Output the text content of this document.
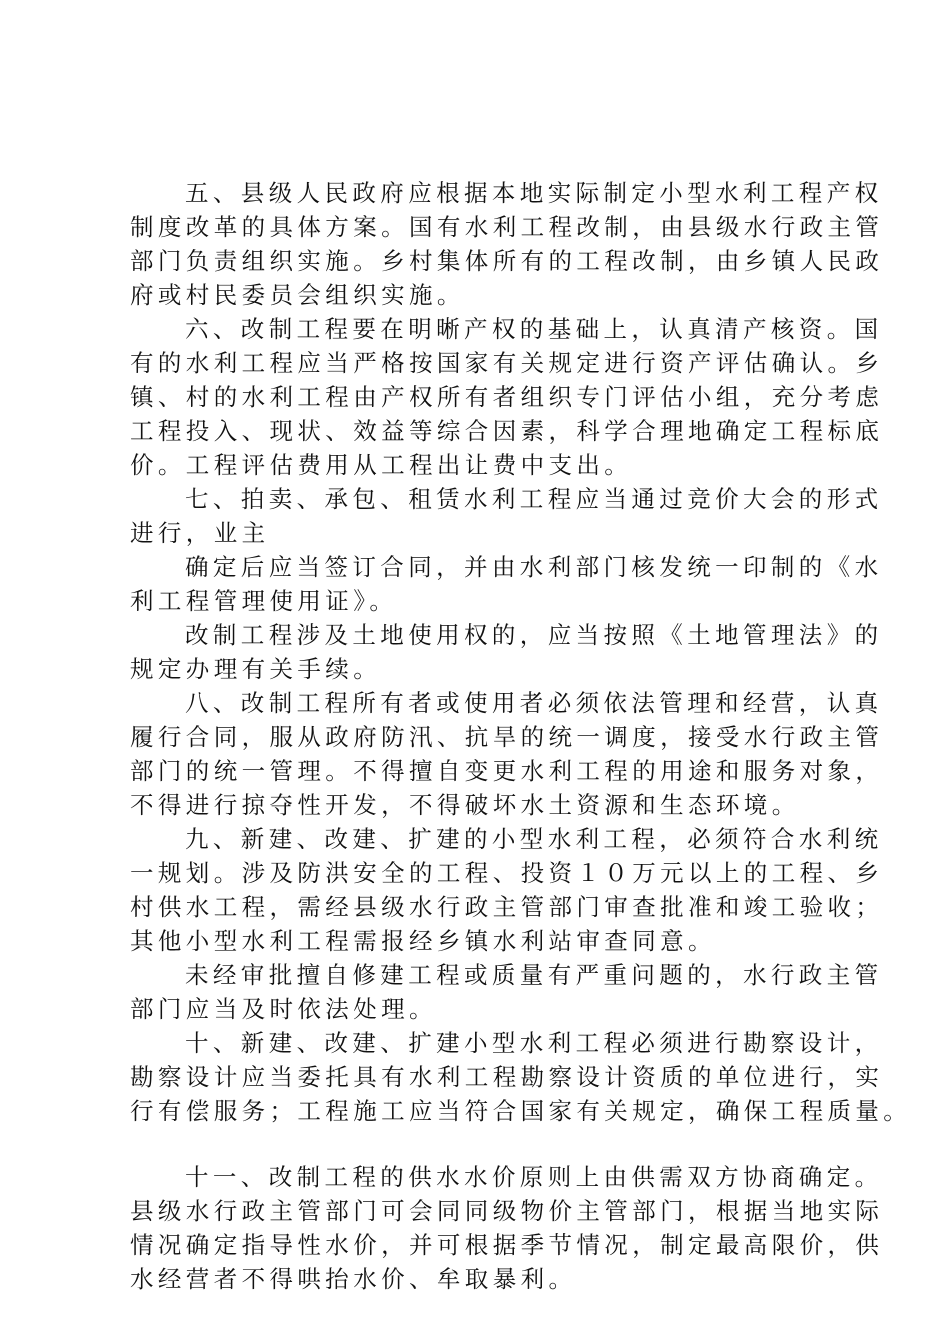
五、县级人民政府应根据本地实际制定小型水利工程产权
制度改革的具体方案。国有水利工程改制，由县级水行政主管
部门负责组织实施。乡村集体所有的工程改制，由乡镇人民政
府或村民委员会组织实施。
六、改制工程要在明晰产权的基础上，认真清产核资。国
有的水利工程应当严格按国家有关规定进行资产评估确认。乡
镇、村的水利工程由产权所有者组织专门评估小组，充分考虑
工程投入、现状、效益等综合因素，科学合理地确定工程标底
价。工程评估费用从工程出让费中支出。
七、拍卖、承包、租赁水利工程应当通过竞价大会的形式
进行，业主
确定后应当签订合同，并由水利部门核发统一印制的《水
利工程管理使用证》。
改制工程涉及土地使用权的，应当按照《土地管理法》的
规定办理有关手续。
八、改制工程所有者或使用者必须依法管理和经营，认真
履行合同，服从政府防汛、抗旱的统一调度，接受水行政主管
部门的统一管理。不得擅自变更水利工程的用途和服务对象，
不得进行掠夺性开发，不得破坏水土资源和生态环境。
九、新建、改建、扩建的小型水利工程，必须符合水利统
一规划。涉及防洪安全的工程、投资１０万元以上的工程、乡
村供水工程，需经县级水行政主管部门审查批准和竣工验收；
其他小型水利工程需报经乡镇水利站审查同意。
未经审批擅自修建工程或质量有严重问题的，水行政主管
部门应当及时依法处理。
十、新建、改建、扩建小型水利工程必须进行勘察设计，
勘察设计应当委托具有水利工程勘察设计资质的单位进行，实
行有偿服务；工程施工应当符合国家有关规定，确保工程质量。
十一、改制工程的供水水价原则上由供需双方协商确定。
县级水行政主管部门可会同同级物价主管部门，根据当地实际
情况确定指导性水价，并可根据季节情况，制定最高限价，供
水经营者不得哄抬水价、牟取暴利。
